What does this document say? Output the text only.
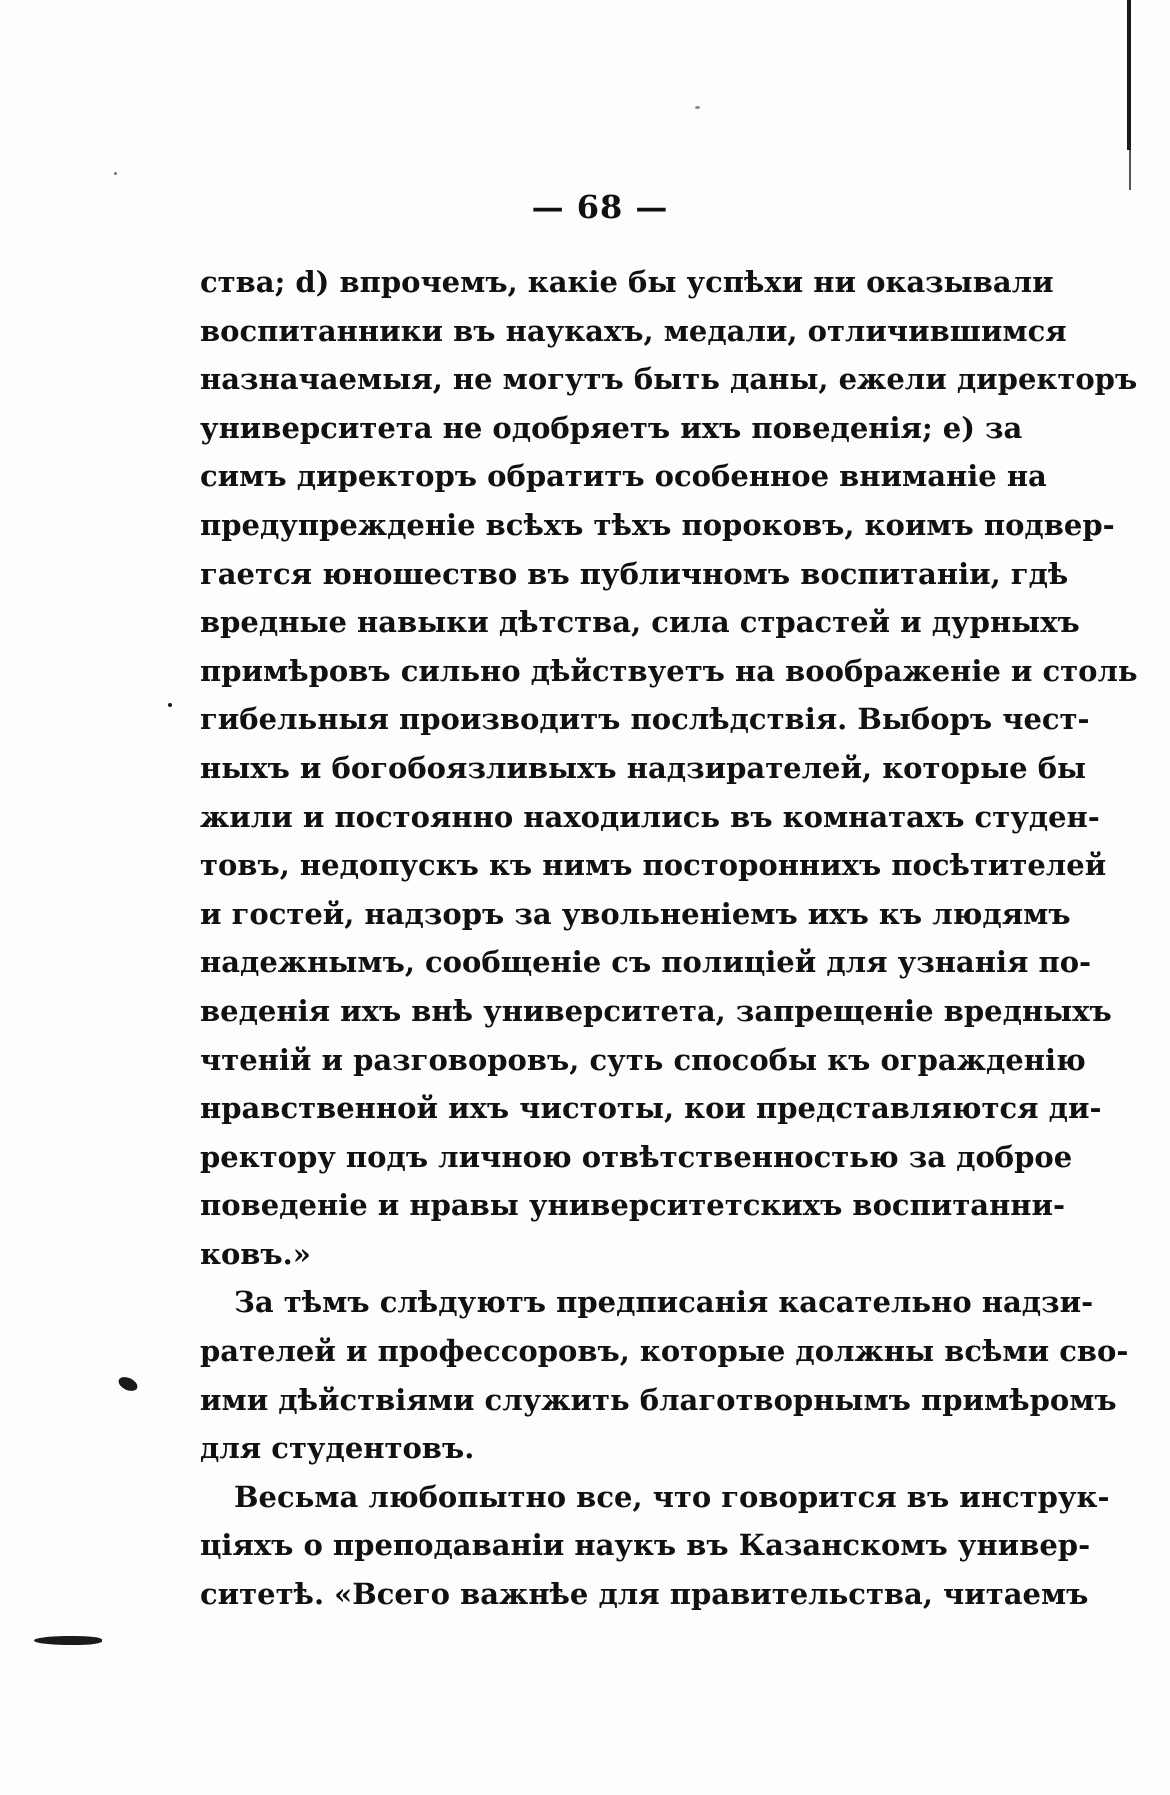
— 68 —
ства; d) впрочемъ, какіе бы успѣхи ни оказывали
воспитанники въ наукахъ, медали, отличившимся
назначаемыя, не могутъ быть даны, ежели директоръ
университета не одобряетъ ихъ поведенія; е) за
симъ директоръ обратитъ особенное вниманіе на
предупрежденіе всѣхъ тѣхъ пороковъ, коимъ подвер-
гается юношество въ публичномъ воспитаніи, гдѣ
вредные навыки дѣтства, сила страстей и дурныхъ
примѣровъ сильно дѣйствуетъ на воображеніе и столь
гибельныя производитъ послѣдствія. Выборъ чест-
ныхъ и богобоязливыхъ надзирателей, которые бы
жили и постоянно находились въ комнатахъ студен-
товъ, недопускъ къ нимъ постороннихъ посѣтителей
и гостей, надзоръ за увольненіемъ ихъ къ людямъ
надежнымъ, сообщеніе съ полиціей для узнанія по-
веденія ихъ внѣ университета, запрещеніе вредныхъ
чтеній и разговоровъ, суть способы къ огражденію
нравственной ихъ чистоты, кои представляются ди-
ректору подъ личною отвѣтственностью за доброе
поведеніе и нравы университетскихъ воспитанни-
ковъ.»
За тѣмъ слѣдуютъ предписанія касательно надзи-
рателей и профессоровъ, которые должны всѣми сво-
ими дѣйствіями служить благотворнымъ примѣромъ
для студентовъ.
Весьма любопытно все, что говорится въ инструк-
ціяхъ о преподаваніи наукъ въ Казанскомъ универ-
ситетѣ. «Всего важнѣе для правительства, читаемъ
